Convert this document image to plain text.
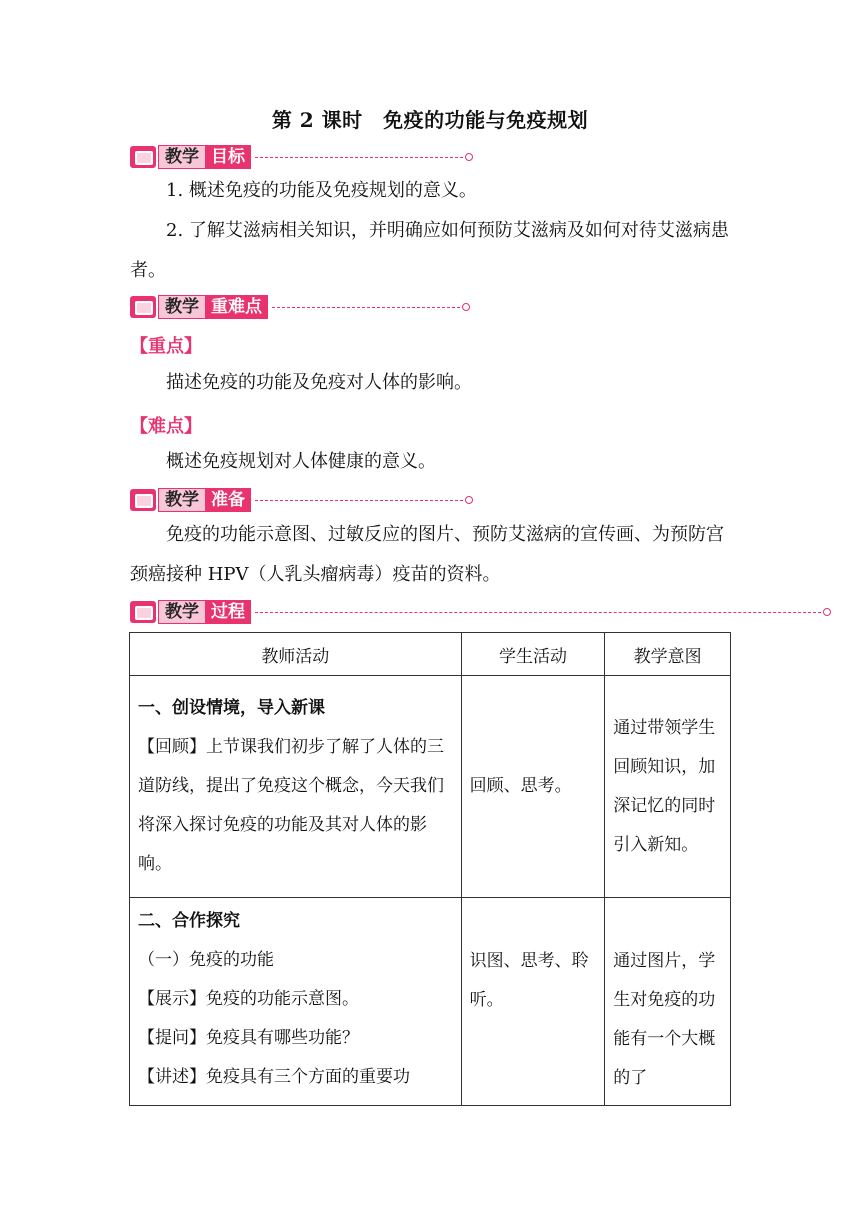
第 2 课时　免疫的功能与免疫规划
教学 目标
1. 概述免疫的功能及免疫规划的意义。
2. 了解艾滋病相关知识，并明确应如何预防艾滋病及如何对待艾滋病患者。
教学 重难点
【重点】
描述免疫的功能及免疫对人体的影响。
【难点】
概述免疫规划对人体健康的意义。
教学 准备
免疫的功能示意图、过敏反应的图片、预防艾滋病的宣传画、为预防宫颈癌接种 HPV（人乳头瘤病毒）疫苗的资料。
教学 过程
教师活动	学生活动	教学意图

一、创设情境，导入新课
【回顾】上节课我们初步了解了人体的三道防线，提出了免疫这个概念，今天我们将深入探讨免疫的功能及其对人体的影响。	回顾、思考。	通过带领学生回顾知识，加深记忆的同时引入新知。

二、合作探究
（一）免疫的功能
【展示】免疫的功能示意图。
【提问】免疫具有哪些功能？
【讲述】免疫具有三个方面的重要功	识图、思考、聆听。	通过图片，学生对免疫的功能有一个大概的了
